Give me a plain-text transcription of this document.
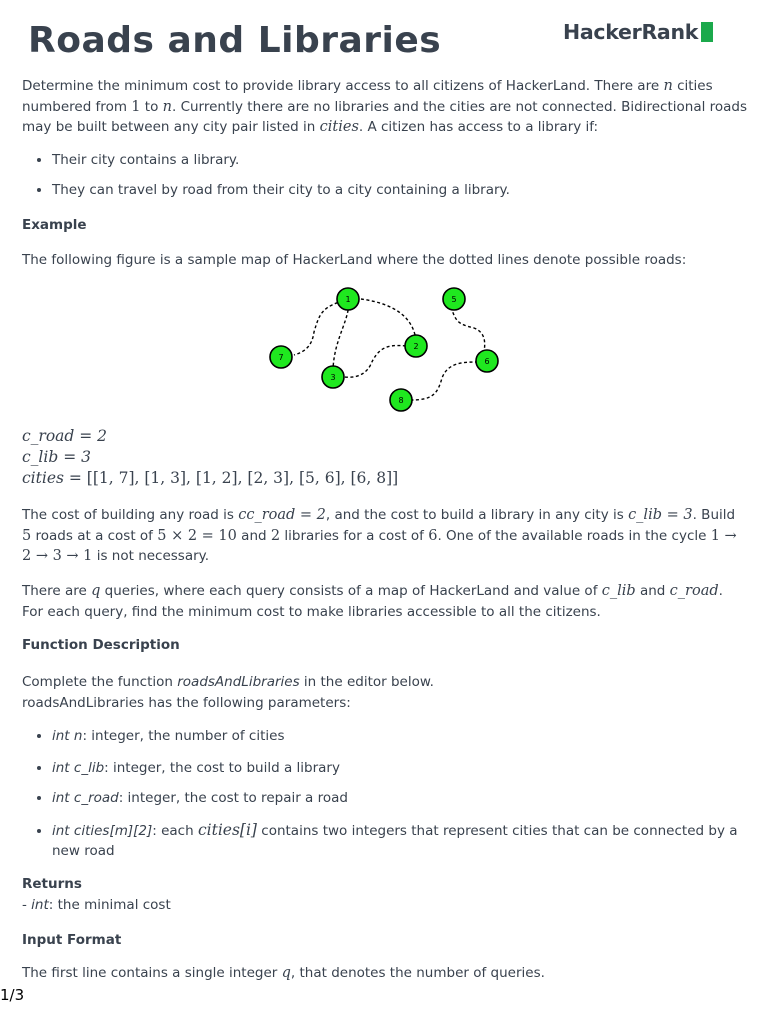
Roads and Libraries	HackerRank

Determine the minimum cost to provide library access to all citizens of HackerLand. There are n cities numbered from 1 to n. Currently there are no libraries and the cities are not connected. Bidirectional roads may be built between any city pair listed in cities. A citizen has access to a library if:

• Their city contains a library.
• They can travel by road from their city to a city containing a library.
Example
The following figure is a sample map of HackerLand where the dotted lines denote possible roads:
1
2
3
5
6
7
8
c_road = 2
c_lib = 3
cities = [[1, 7], [1, 3], [1, 2], [2, 3], [5, 6], [6, 8]]

The cost of building any road is cc_road = 2, and the cost to build a library in any city is c_lib = 3. Build 5 roads at a cost of 5 × 2 = 10 and 2 libraries for a cost of 6. One of the available roads in the cycle 1 → 2 → 3 → 1 is not necessary.

There are q queries, where each query consists of a map of HackerLand and value of c_lib and c_road. For each query, find the minimum cost to make libraries accessible to all the citizens.

Function Description

Complete the function roadsAndLibraries in the editor below.

roadsAndLibraries has the following parameters:

• int n: integer, the number of cities
• int c_lib: integer, the cost to build a library
• int c_road: integer, the cost to repair a road
• int cities[m][2]: each cities[i] contains two integers that represent cities that can be connected by a new road
Returns
- int: the minimal cost
Input Format
The first line contains a single integer q, that denotes the number of queries.
1/3
